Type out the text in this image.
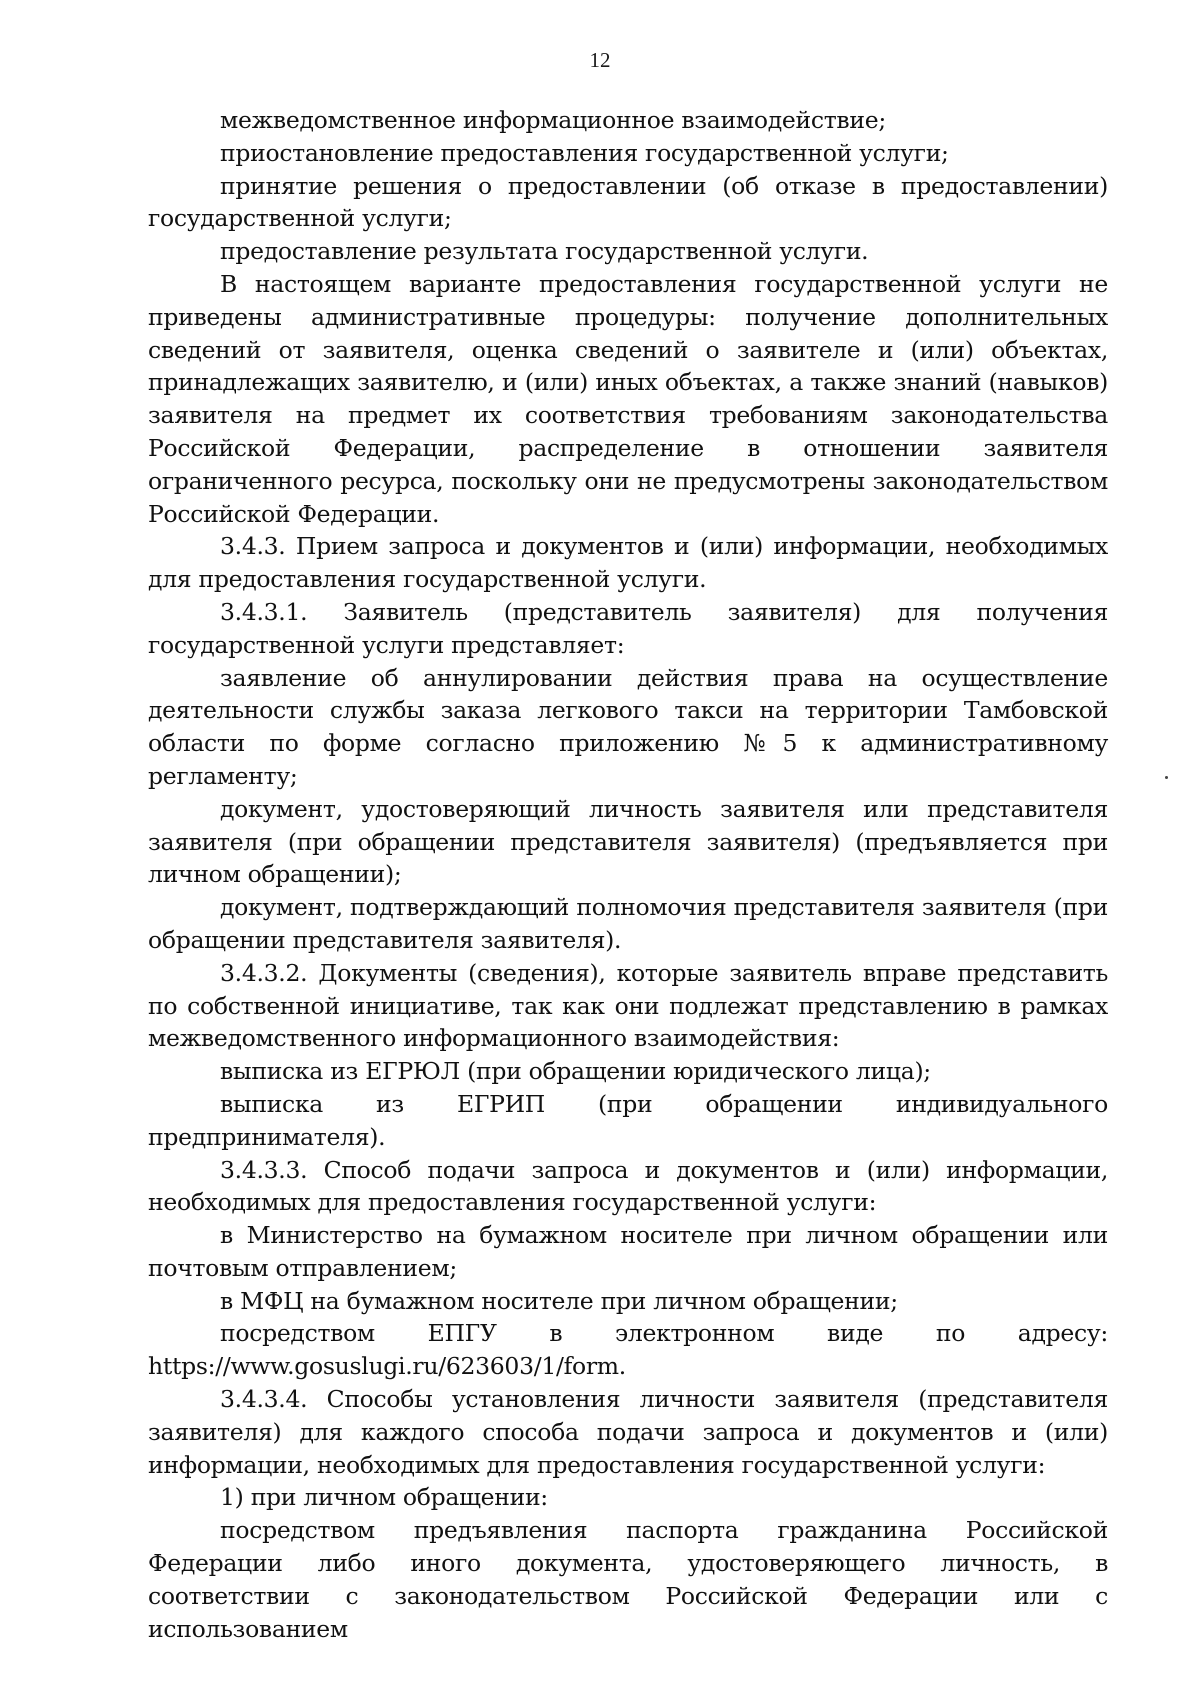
12

межведомственное информационное взаимодействие;

приостановление предоставления государственной услуги;

принятие решения о предоставлении (об отказе в предоставлении) государственной услуги;

предоставление результата государственной услуги.

В настоящем варианте предоставления государственной услуги не приведены административные процедуры: получение дополнительных сведений от заявителя, оценка сведений о заявителе и (или) объектах, принадлежащих заявителю, и (или) иных объектах, а также знаний (навыков) заявителя на предмет их соответствия требованиям законодательства Российской Федерации, распределение в отношении заявителя ограниченного ресурса, поскольку они не предусмотрены законодательством Российской Федерации.

3.4.3. Прием запроса и документов и (или) информации, необходимых для предоставления государственной услуги.

3.4.3.1. Заявитель (представитель заявителя) для получения государственной услуги представляет:

заявление об аннулировании действия права на осуществление деятельности службы заказа легкового такси на территории Тамбовской области по форме согласно приложению №5 к административному регламенту;

документ, удостоверяющий личность заявителя или представителя заявителя (при обращении представителя заявителя) (предъявляется при личном обращении);

документ, подтверждающий полномочия представителя заявителя (при обращении представителя заявителя).

3.4.3.2. Документы (сведения), которые заявитель вправе представить по собственной инициативе, так как они подлежат представлению в рамках межведомственного информационного взаимодействия:

выписка из ЕГРЮЛ (при обращении юридического лица);

выписка из ЕГРИП (при обращении индивидуального предпринимателя).

3.4.3.3. Способ подачи запроса и документов и (или) информации, необходимых для предоставления государственной услуги:

в Министерство на бумажном носителе при личном обращении или почтовым отправлением;

в МФЦ на бумажном носителе при личном обращении;

посредством ЕПГУ в электронном виде по адресу: https://www.gosuslugi.ru/623603/1/form.

3.4.3.4. Способы установления личности заявителя (представителя заявителя) для каждого способа подачи запроса и документов и (или) информации, необходимых для предоставления государственной услуги:

1) при личном обращении:

посредством предъявления паспорта гражданина Российской Федерации либо иного документа, удостоверяющего личность, в соответствии с законодательством Российской Федерации или с использованием
